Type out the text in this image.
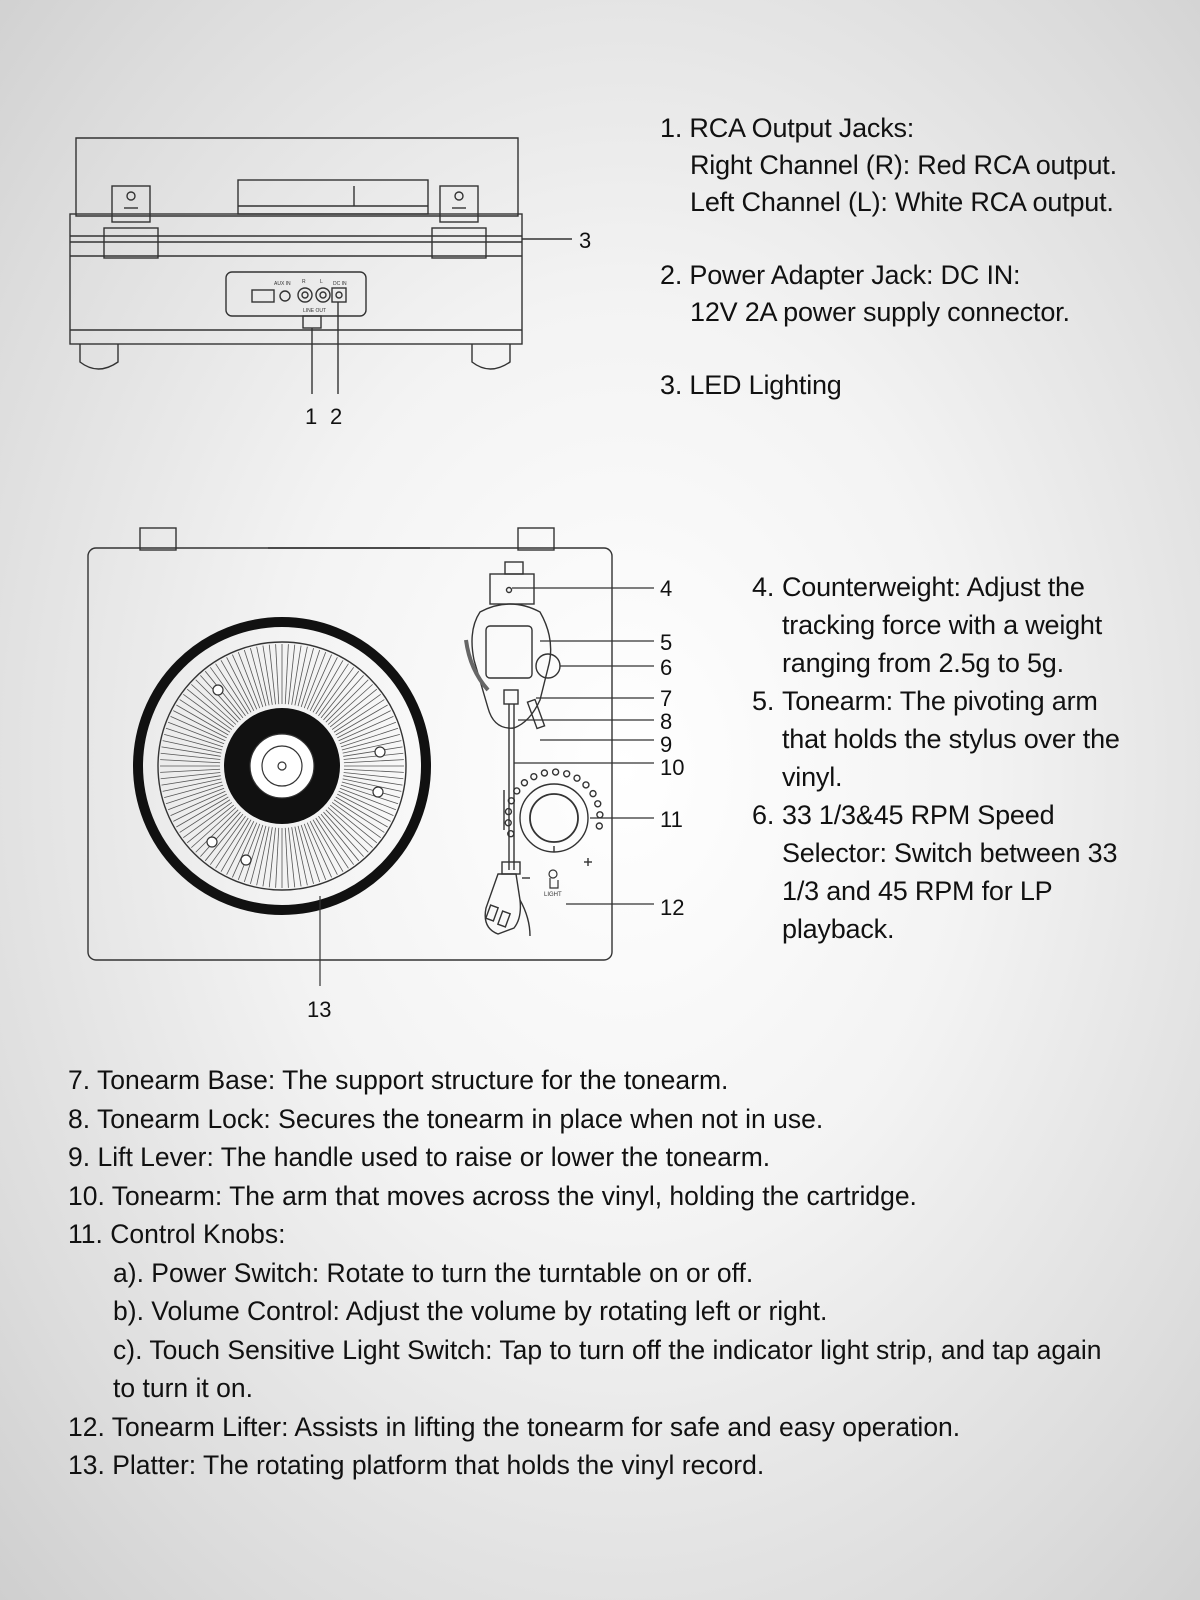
3
1 2
AUX IN R	L
LINE OUT
DC IN
LIGHT
4
5
6
7
8
9
10
11
12
13

1. RCA Output Jacks:

Right Channel (R): Red RCA output.

Left Channel (L): White RCA output.

2. Power Adapter Jack: DC IN:

12V 2A power supply connector.

3. LED Lighting

4. Counterweight: Adjust the tracking force with a weight ranging from 2.5g to 5g.
5. Tonearm: The pivoting arm that holds the stylus over the vinyl.
6. 33 1/3&45 RPM Speed Selector: Switch between 33 1/3 and 45 RPM for LP playback.

7. Tonearm Base: The support structure for the tonearm.

8. Tonearm Lock: Secures the tonearm in place when not in use.

9. Lift Lever: The handle used to raise or lower the tonearm.

10. Tonearm: The arm that moves across the vinyl, holding the cartridge.

11. Control Knobs:

a). Power Switch: Rotate to turn the turntable on or off.

b). Volume Control: Adjust the volume by rotating left or right.

c). Touch Sensitive Light Switch: Tap to turn off the indicator light strip, and tap again

to turn it on.

12. Tonearm Lifter: Assists in lifting the tonearm for safe and easy operation.

13. Platter: The rotating platform that holds the vinyl record.
